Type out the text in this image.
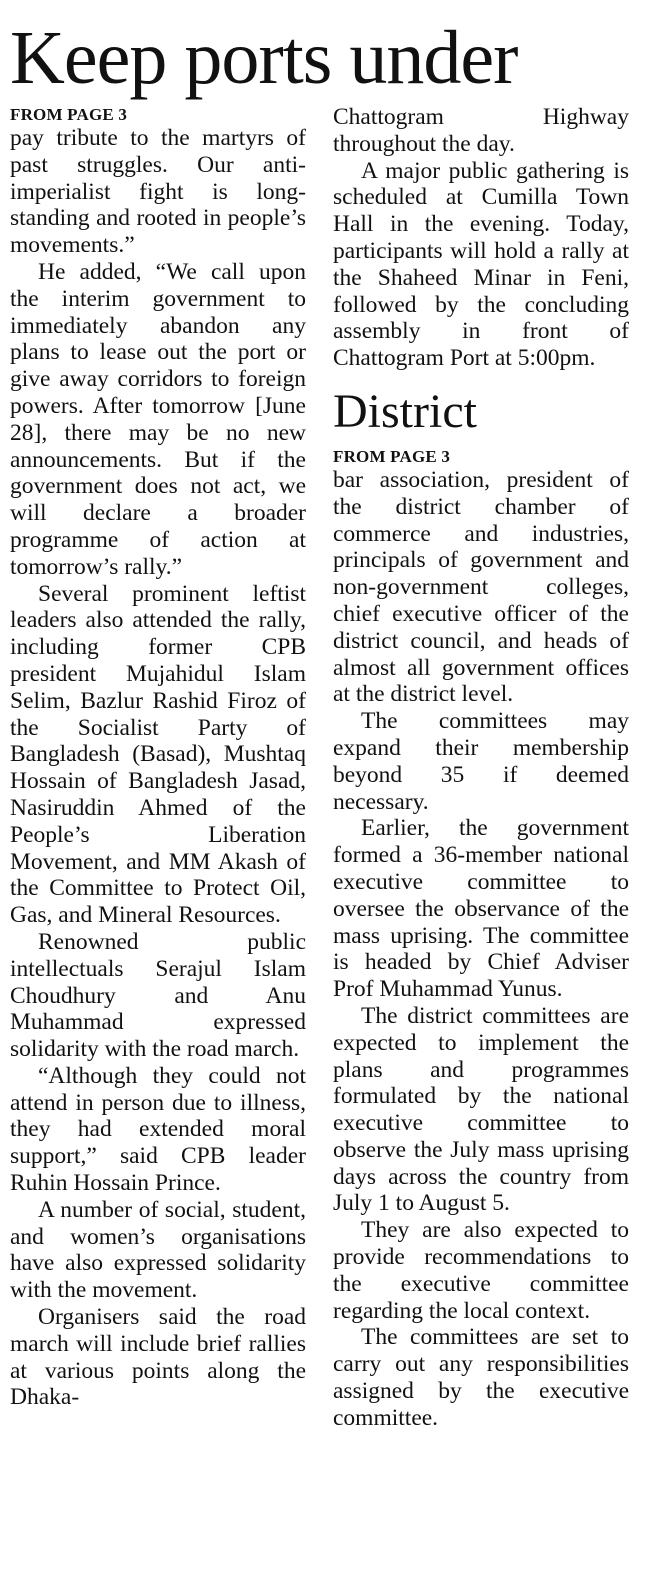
Keep ports under

FROM PAGE 3

pay tribute to the martyrs of past struggles. Our anti-imperialist fight is long-standing and rooted in people’s movements.”

He added, “We call upon the interim government to immediately abandon any plans to lease out the port or give away corridors to foreign powers. After tomorrow [June 28], there may be no new announcements. But if the government does not act, we will declare a broader programme of action at tomorrow’s rally.”

Several prominent leftist leaders also attended the rally, including former CPB president Mujahidul Islam Selim, Bazlur Rashid Firoz of the Socialist Party of Bangladesh (Basad), Mushtaq Hossain of Bangladesh Jasad, Nasiruddin Ahmed of the People’s Liberation Movement, and MM Akash of the Committee to Protect Oil, Gas, and Mineral Resources.

Renowned public intellectuals Serajul Islam Choudhury and Anu Muhammad expressed solidarity with the road march.

“Although they could not attend in person due to illness, they had extended moral support,” said CPB leader Ruhin Hossain Prince.

A number of social, student, and women’s organisations have also expressed solidarity with the movement.

Organisers said the road march will include brief rallies at various points along the Dhaka-

Chattogram Highway throughout the day.

A major public gathering is scheduled at Cumilla Town Hall in the evening. Today, participants will hold a rally at the Shaheed Minar in Feni, followed by the concluding assembly in front of Chattogram Port at 5:00pm.

District

FROM PAGE 3

bar association, president of the district chamber of commerce and industries, principals of government and non-government colleges, chief executive officer of the district council, and heads of almost all government offices at the district level.

The committees may expand their membership beyond 35 if deemed necessary.

Earlier, the government formed a 36-member national executive committee to oversee the observance of the mass uprising. The committee is headed by Chief Adviser Prof Muhammad Yunus.

The district committees are expected to implement the plans and programmes formulated by the national executive committee to observe the July mass uprising days across the country from July 1 to August 5.

They are also expected to provide recommendations to the executive committee regarding the local context.

The committees are set to carry out any responsibilities assigned by the executive committee.
